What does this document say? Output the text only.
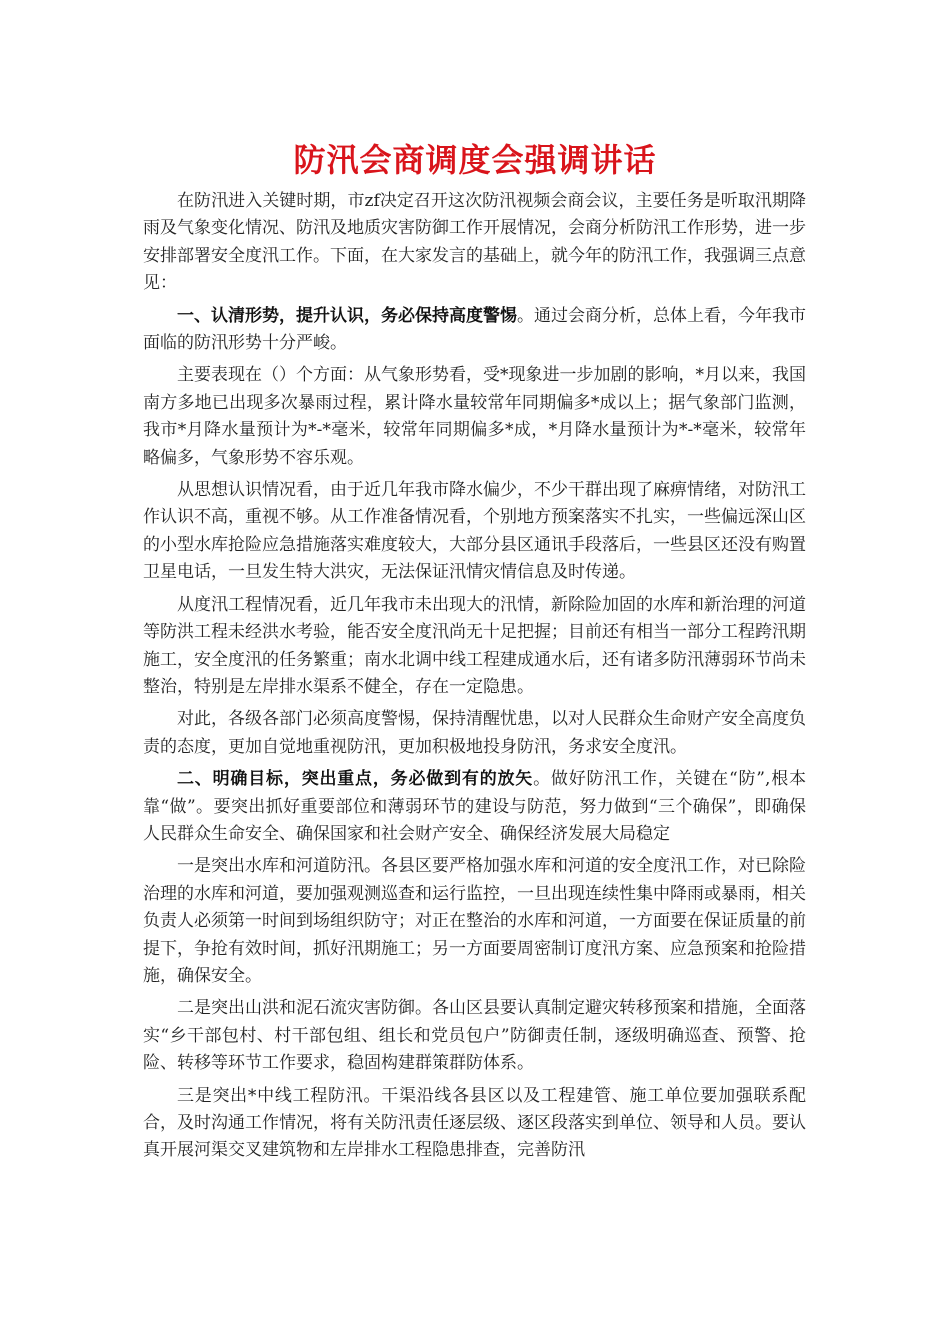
防汛会商调度会强调讲话

在防汛进入关键时期，市zf决定召开这次防汛视频会商会议，主要任务是听取汛期降雨及气象变化情况、防汛及地质灾害防御工作开展情况，会商分析防汛工作形势，进一步安排部署安全度汛工作。下面，在大家发言的基础上，就今年的防汛工作，我强调三点意见：

一、认清形势，提升认识，务必保持高度警惕。通过会商分析，总体上看，今年我市面临的防汛形势十分严峻。

主要表现在（）个方面：从气象形势看，受*现象进一步加剧的影响，*月以来，我国南方多地已出现多次暴雨过程，累计降水量较常年同期偏多*成以上；据气象部门监测，我市*月降水量预计为*-*毫米，较常年同期偏多*成，*月降水量预计为*-*毫米，较常年略偏多，气象形势不容乐观。

从思想认识情况看，由于近几年我市降水偏少，不少干群出现了麻痹情绪，对防汛工作认识不高，重视不够。从工作准备情况看，个别地方预案落实不扎实，一些偏远深山区的小型水库抢险应急措施落实难度较大，大部分县区通讯手段落后，一些县区还没有购置卫星电话，一旦发生特大洪灾，无法保证汛情灾情信息及时传递。

从度汛工程情况看，近几年我市未出现大的汛情，新除险加固的水库和新治理的河道等防洪工程未经洪水考验，能否安全度汛尚无十足把握；目前还有相当一部分工程跨汛期施工，安全度汛的任务繁重；南水北调中线工程建成通水后，还有诸多防汛薄弱环节尚未整治，特别是左岸排水渠系不健全，存在一定隐患。

对此，各级各部门必须高度警惕，保持清醒忧患，以对人民群众生命财产安全高度负责的态度，更加自觉地重视防汛，更加积极地投身防汛，务求安全度汛。

二、明确目标，突出重点，务必做到有的放矢。做好防汛工作，关键在“防”,根本靠“做”。要突出抓好重要部位和薄弱环节的建设与防范，努力做到“三个确保”，即确保人民群众生命安全、确保国家和社会财产安全、确保经济发展大局稳定

一是突出水库和河道防汛。各县区要严格加强水库和河道的安全度汛工作，对已除险治理的水库和河道，要加强观测巡查和运行监控，一旦出现连续性集中降雨或暴雨，相关负责人必须第一时间到场组织防守；对正在整治的水库和河道，一方面要在保证质量的前提下，争抢有效时间，抓好汛期施工；另一方面要周密制订度汛方案、应急预案和抢险措施，确保安全。

二是突出山洪和泥石流灾害防御。各山区县要认真制定避灾转移预案和措施，全面落实“乡干部包村、村干部包组、组长和党员包户”防御责任制，逐级明确巡查、预警、抢险、转移等环节工作要求，稳固构建群策群防体系。

三是突出*中线工程防汛。干渠沿线各县区以及工程建管、施工单位要加强联系配合，及时沟通工作情况，将有关防汛责任逐层级、逐区段落实到单位、领导和人员。要认真开展河渠交叉建筑物和左岸排水工程隐患排查，完善防汛
